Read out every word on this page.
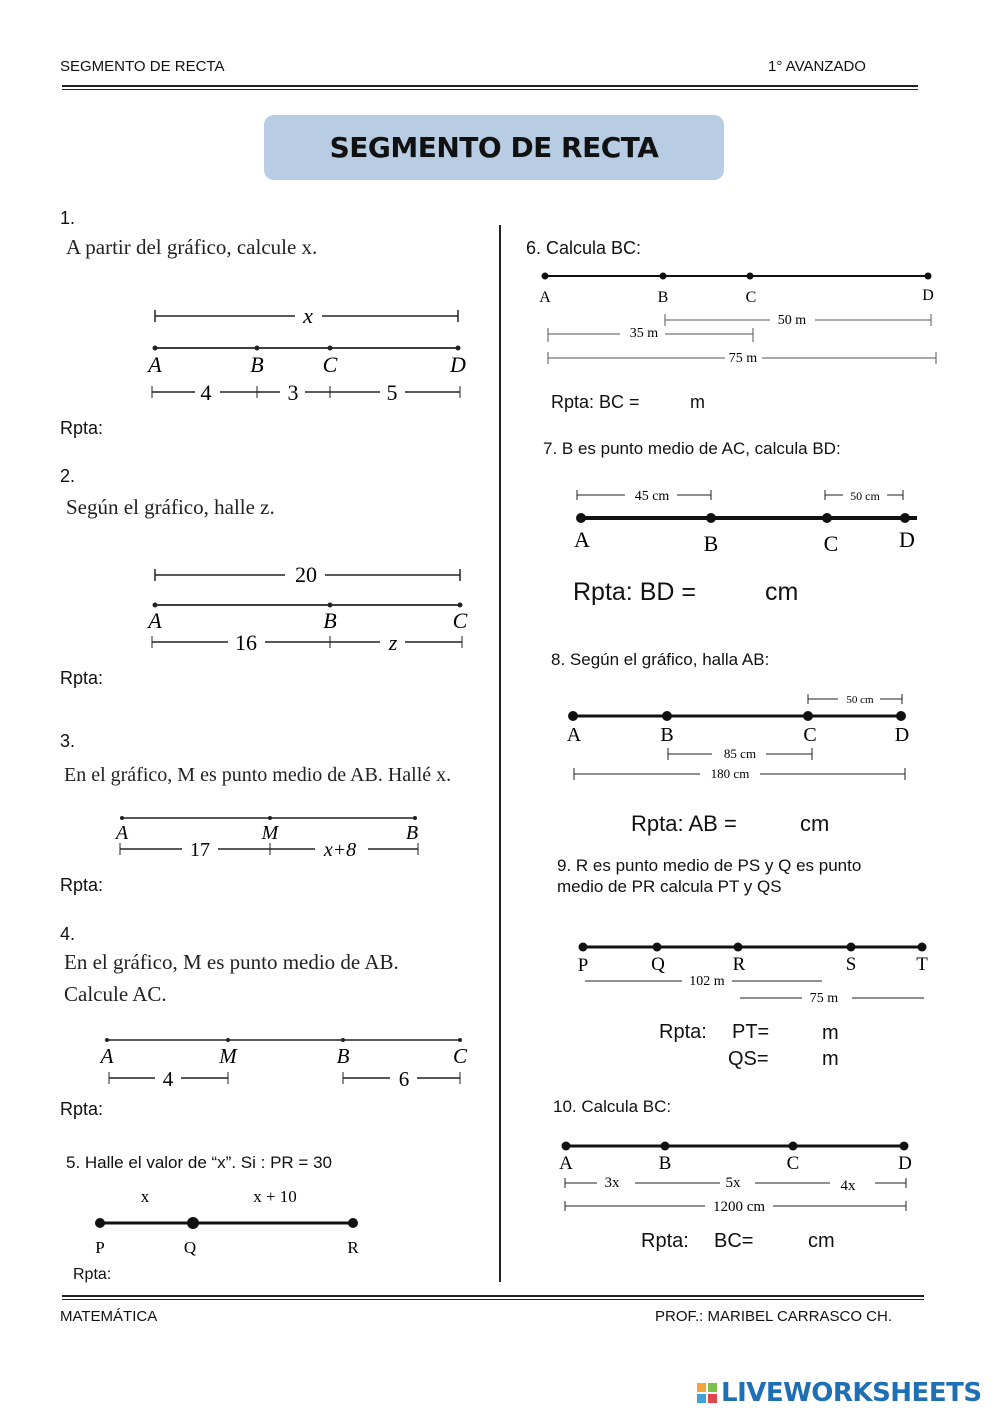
SEGMENTO DE RECTA	1° AVANZADO
SEGMENTO DE RECTA
1.
A partir del gráfico, calcule x.
x
A	B	C	D
4	3	5
Rpta:
2.
Según el gráfico, halle z.
20
A	B	C
16	z
Rpta:
3.
En el gráfico, M es punto medio de AB. Hallé x.
A	M	B
17	x+8
Rpta:
4.
En el gráfico, M es punto medio de AB.
Calcule AC.
A	M	B	C
4	6
Rpta:
5. Halle el valor de “x”. Si : PR = 30
x	x + 10
P	Q	R
Rpta:
6. Calcula BC:
A	B	C	D
50 m
35 m
75 m
Rpta: BC =	m
7. B es punto medio de AC, calcula BD:
45 cm	50 cm
A	B	C	D
Rpta: BD =	cm
8. Según el gráfico, halla AB:
50 cm
A	B	C	D
85 cm
180 cm
Rpta: AB =	cm
9. R es punto medio de PS y Q es punto
medio de PR calcula PT y QS
P	Q	R	S	T
102 m
75 m
Rpta: PT=	m
QS=	m
10. Calcula BC:
A	B	C	D
3x	5x	4x
1200 cm
Rpta: BC=	cm
MATEMÁTICA	PROF.: MARIBEL CARRASCO CH.
LIVEWORKSHEETS
